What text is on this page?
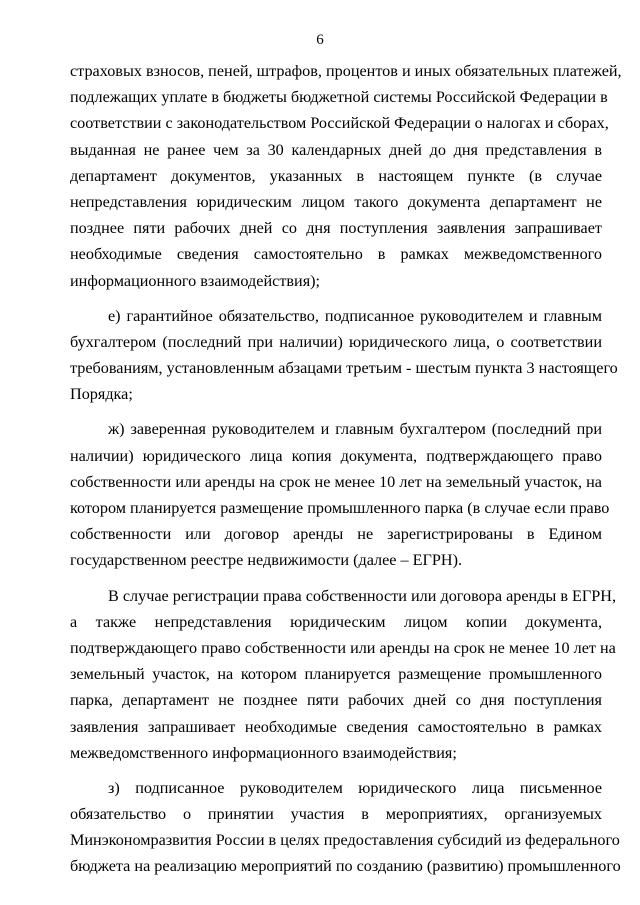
6
страховых взносов, пеней, штрафов, процентов и иных обязательных платежей,
подлежащих уплате в бюджеты бюджетной системы Российской Федерации в
соответствии с законодательством Российской Федерации о налогах и сборах,
выданная не ранее чем за 30 календарных дней до дня представления в
департамент документов, указанных в настоящем пункте (в случае
непредставления юридическим лицом такого документа департамент не
позднее пяти рабочих дней со дня поступления заявления запрашивает
необходимые сведения самостоятельно в рамках межведомственного
информационного взаимодействия);
е) гарантийное обязательство, подписанное руководителем и главным
бухгалтером (последний при наличии) юридического лица, о соответствии
требованиям, установленным абзацами третьим - шестым пункта 3 настоящего
Порядка;
ж) заверенная руководителем и главным бухгалтером (последний при
наличии) юридического лица копия документа, подтверждающего право
собственности или аренды на срок не менее 10 лет на земельный участок, на
котором планируется размещение промышленного парка (в случае если право
собственности или договор аренды не зарегистрированы в Едином
государственном реестре недвижимости (далее – ЕГРН).
В случае регистрации права собственности или договора аренды в ЕГРН,
а также непредставления юридическим лицом копии документа,
подтверждающего право собственности или аренды на срок не менее 10 лет на
земельный участок, на котором планируется размещение промышленного
парка, департамент не позднее пяти рабочих дней со дня поступления
заявления запрашивает необходимые сведения самостоятельно в рамках
межведомственного информационного взаимодействия;
з) подписанное руководителем юридического лица письменное
обязательство о принятии участия в мероприятиях, организуемых
Минэкономразвития России в целях предоставления субсидий из федерального
бюджета на реализацию мероприятий по созданию (развитию) промышленного
